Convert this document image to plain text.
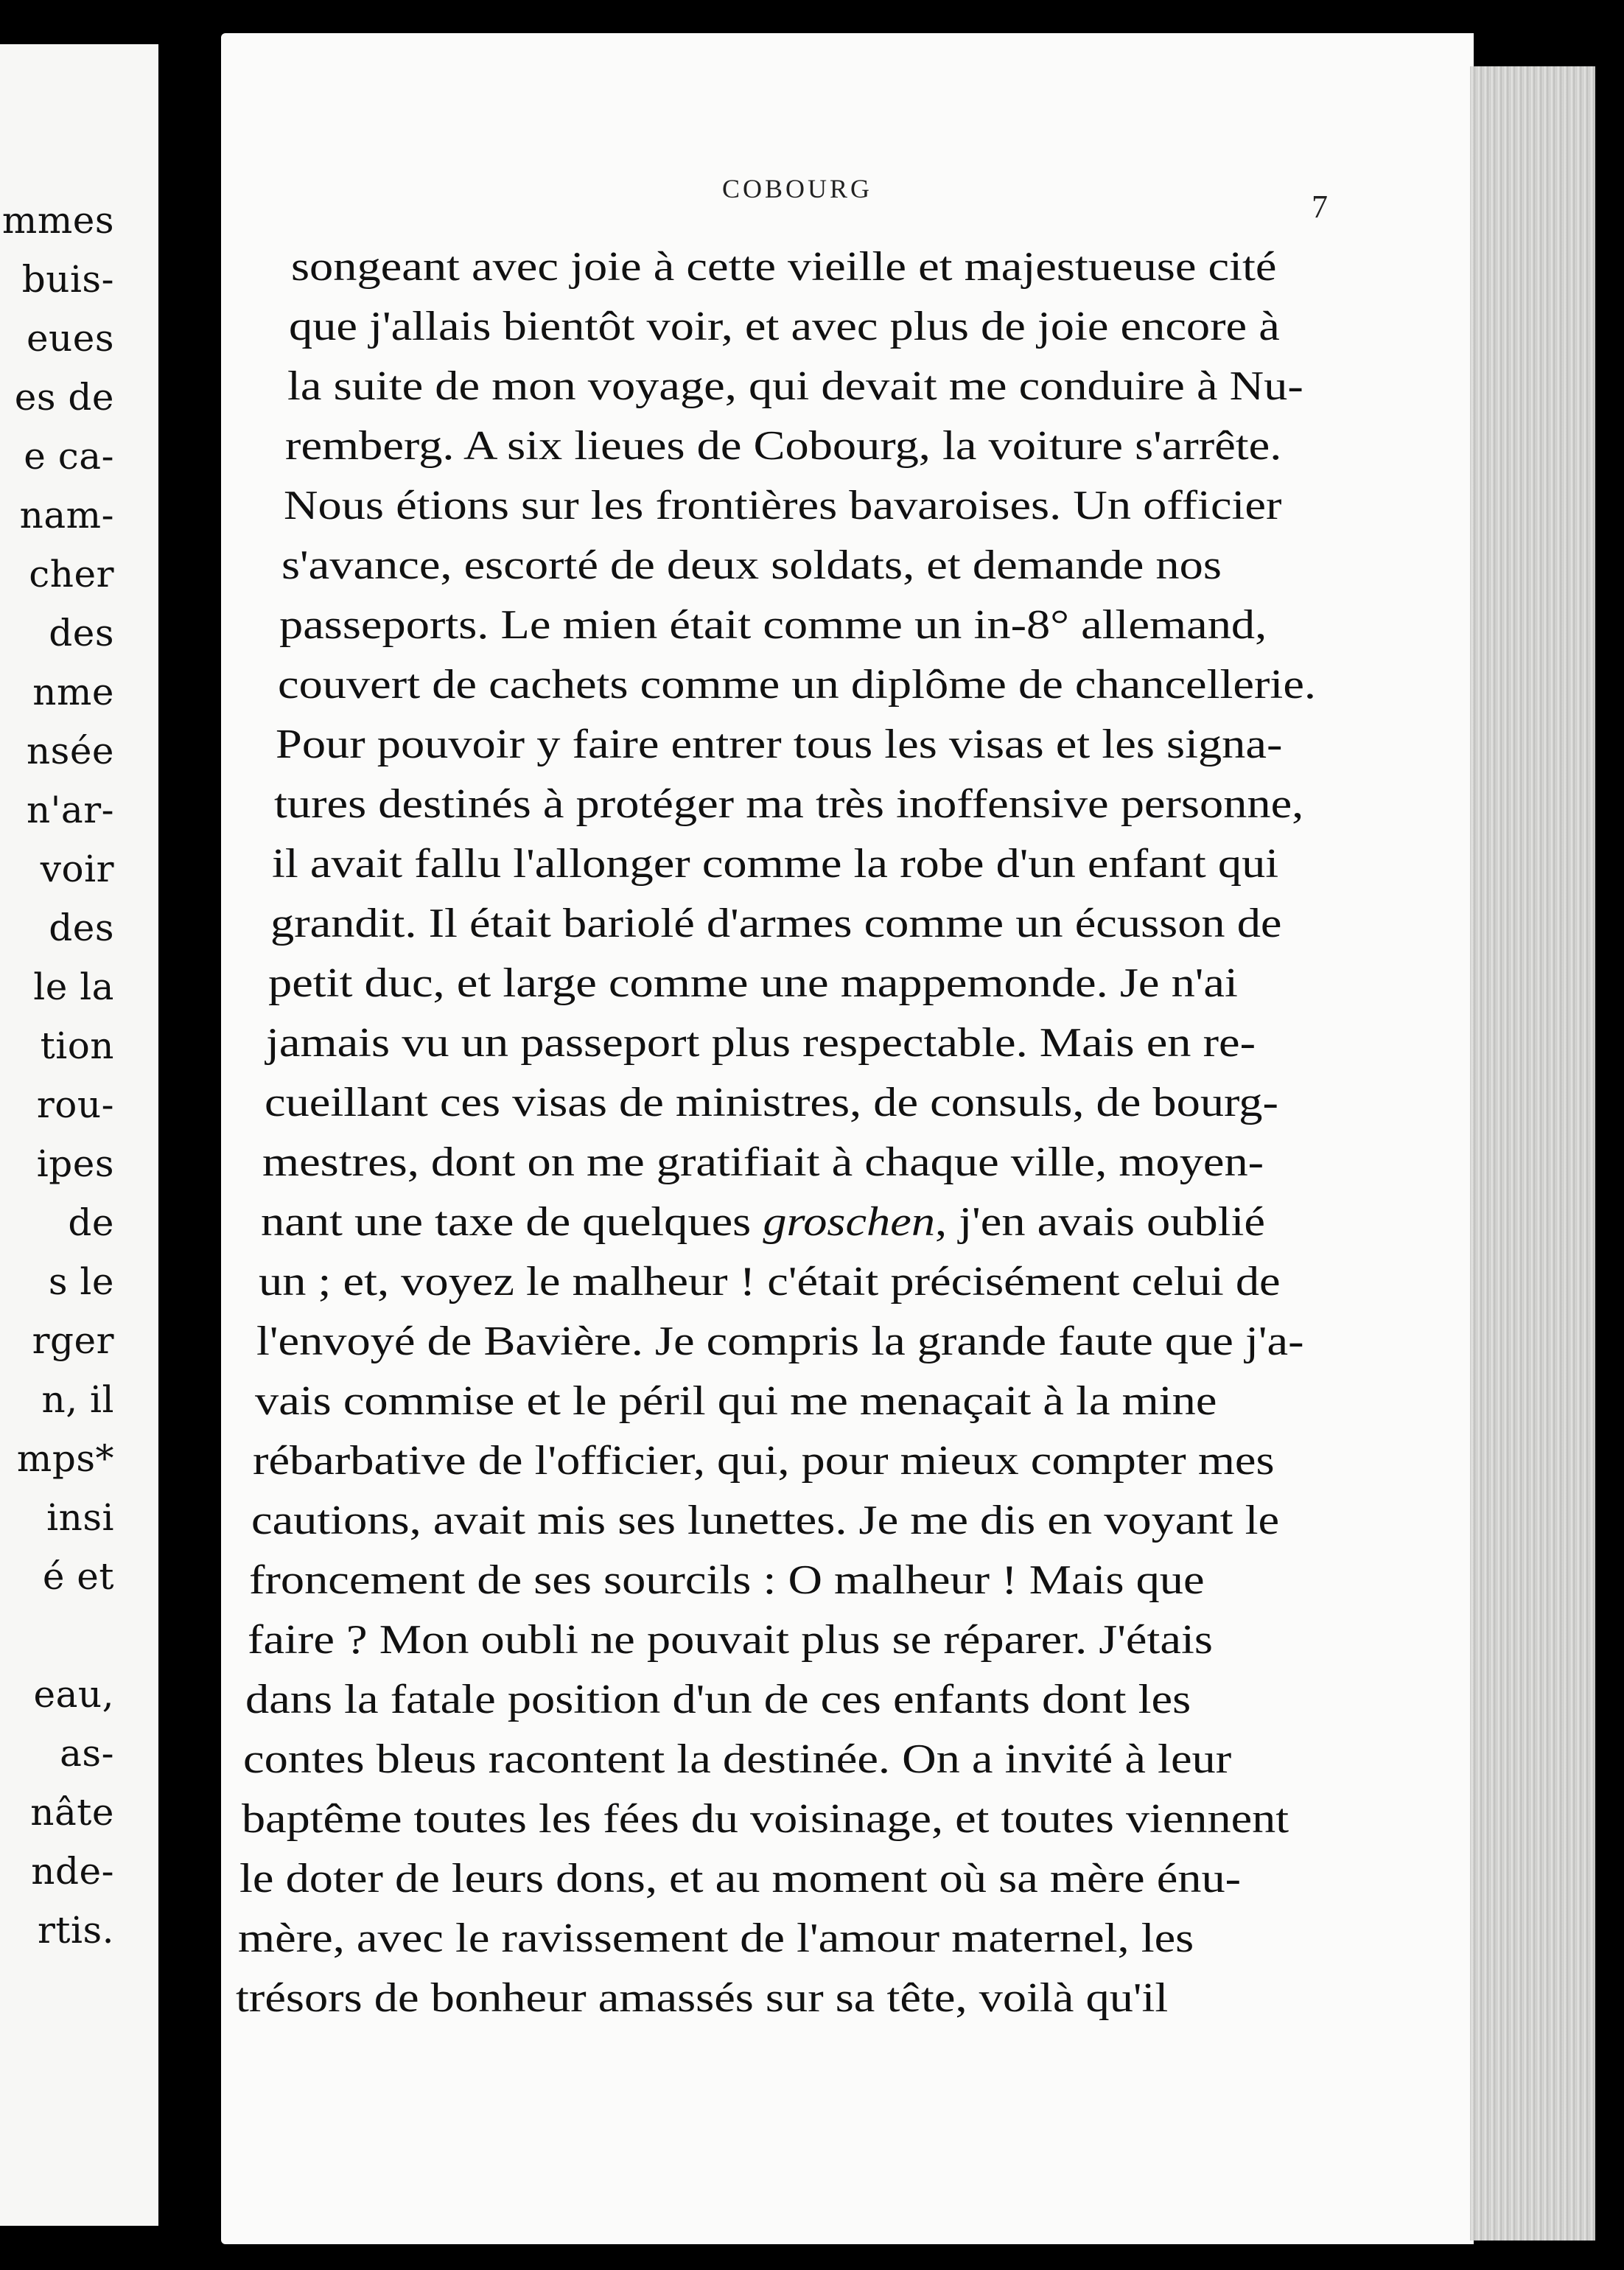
mmes
buis-
eues
es de
e ca-
nam-
cher
des
nme
nsée
n'ar-
voir
des
le la
tion
rou-
ipes
de
s le
rger
n, il
mps*
insi
é et
eau,
as-
nâte
nde-
rtis.
COBOURG	7
songeant avec joie à cette vieille et majestueuse cité
que j'allais bientôt voir, et avec plus de joie encore à
la suite de mon voyage, qui devait me conduire à Nu-
remberg. A six lieues de Cobourg, la voiture s'arrête.
Nous étions sur les frontières bavaroises. Un officier
s'avance, escorté de deux soldats, et demande nos
passeports. Le mien était comme un in-8° allemand,
couvert de cachets comme un diplôme de chancellerie.
Pour pouvoir y faire entrer tous les visas et les signa-
tures destinés à protéger ma très inoffensive personne,
il avait fallu l'allonger comme la robe d'un enfant qui
grandit. Il était bariolé d'armes comme un écusson de
petit duc, et large comme une mappemonde. Je n'ai
jamais vu un passeport plus respectable. Mais en re-
cueillant ces visas de ministres, de consuls, de bourg-
mestres, dont on me gratifiait à chaque ville, moyen-
nant une taxe de quelques groschen, j'en avais oublié
un ; et, voyez le malheur ! c'était précisément celui de
l'envoyé de Bavière. Je compris la grande faute que j'a-
vais commise et le péril qui me menaçait à la mine
rébarbative de l'officier, qui, pour mieux compter mes
cautions, avait mis ses lunettes. Je me dis en voyant le
froncement de ses sourcils : O malheur ! Mais que
faire ? Mon oubli ne pouvait plus se réparer. J'étais
dans la fatale position d'un de ces enfants dont les
contes bleus racontent la destinée. On a invité à leur
baptême toutes les fées du voisinage, et toutes viennent
le doter de leurs dons, et au moment où sa mère énu-
mère, avec le ravissement de l'amour maternel, les
trésors de bonheur amassés sur sa tête, voilà qu'il
